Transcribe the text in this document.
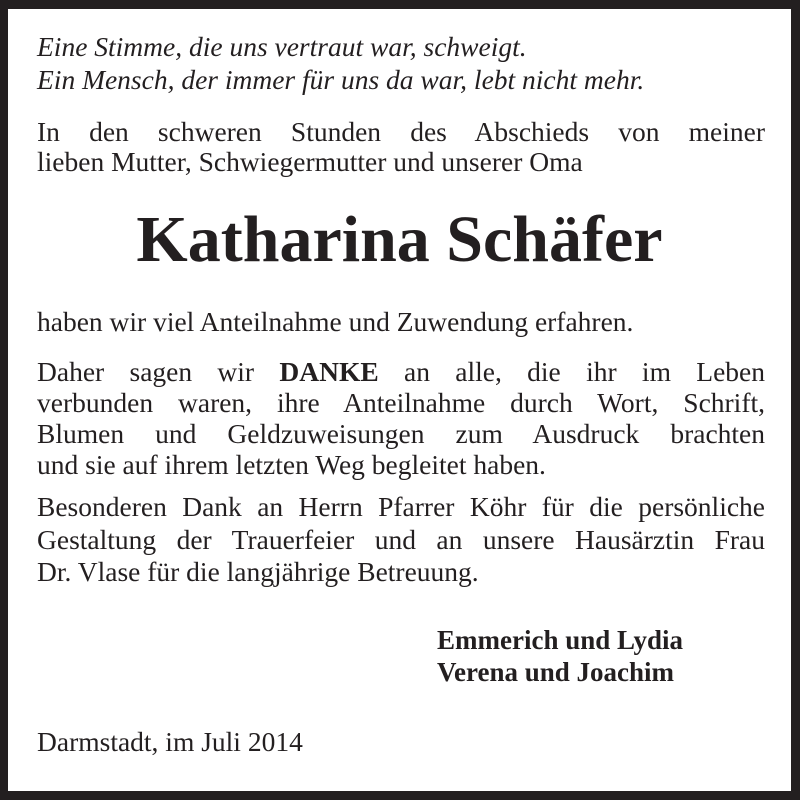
Eine Stimme, die uns vertraut war, schweigt.
Ein Mensch, der immer für uns da war, lebt nicht mehr.
In den schweren Stunden des Abschieds von meiner
lieben Mutter, Schwiegermutter und unserer Oma
Katharina Schäfer
haben wir viel Anteilnahme und Zuwendung erfahren.
Daher sagen wir DANKE an alle, die ihr im Leben
verbunden waren, ihre Anteilnahme durch Wort, Schrift,
Blumen und Geldzuweisungen zum Ausdruck brachten
und sie auf ihrem letzten Weg begleitet haben.
Besonderen Dank an Herrn Pfarrer Köhr für die persönliche
Gestaltung der Trauerfeier und an unsere Hausärztin Frau
Dr. Vlase für die langjährige Betreuung.
Emmerich und Lydia
Verena und Joachim
Darmstadt, im Juli 2014
